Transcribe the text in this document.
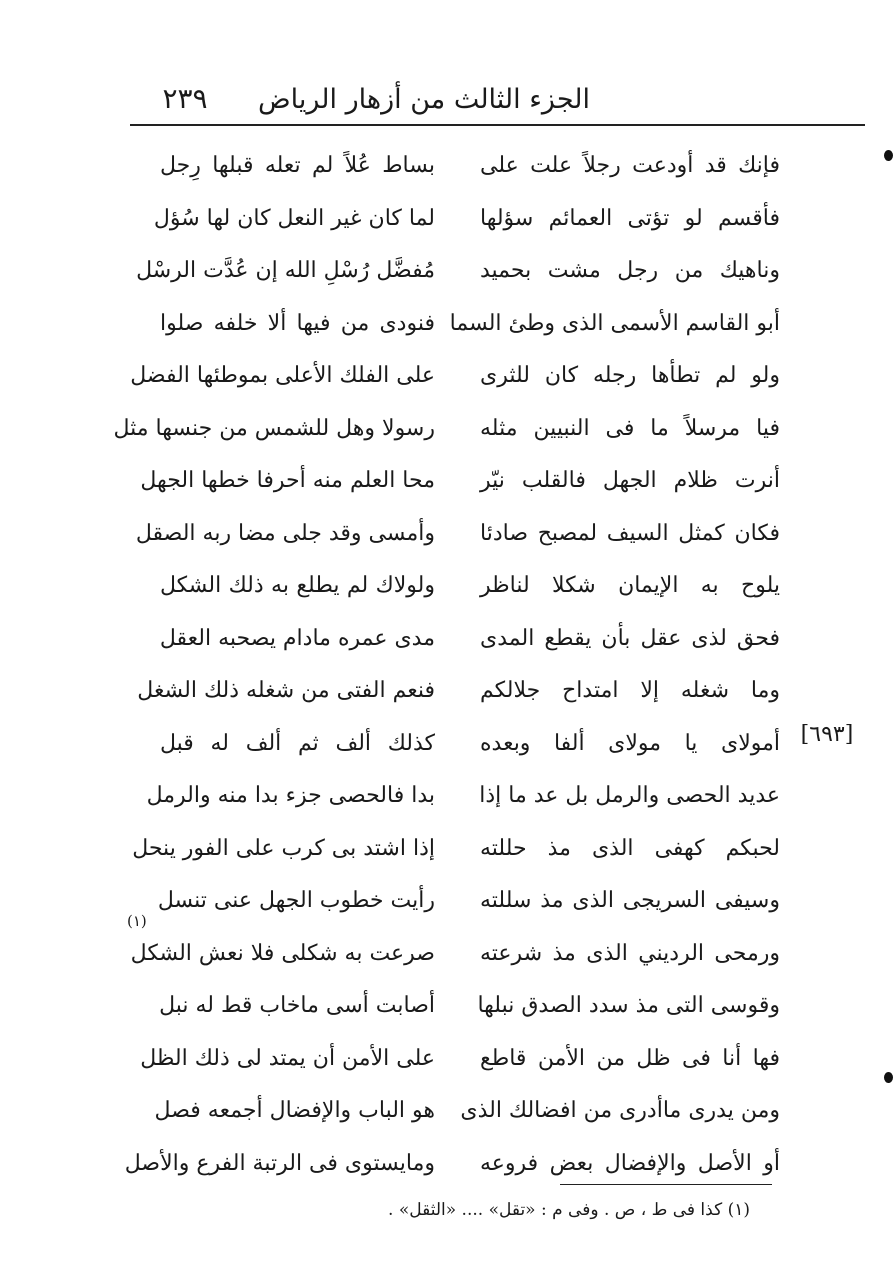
الجزء الثالث من أزهار الرياض
٢٣٩
فإنك قد أودعت رجلاً علت على
بساط عُلاً لم تعله قبلها رِجل
فأقسم لو تؤتى العمائم سؤلها
لما كان غير النعل كان لها سُؤل
وناهيك من رجل مشت بحميد
مُفضَّل رُسْلِ الله إن عُدَّت الرسْل
أبو القاسم الأسمى الذى وطئ السما
فنودى من فيها ألا خلفه صلوا
ولو لم تطأها رجله كان للثرى
على الفلك الأعلى بموطئها الفضل
فيا مرسلاً ما فى النبيين مثله
رسولا وهل للشمس من جنسها مثل
أنرت ظلام الجهل فالقلب نيّر
محا العلم منه أحرفا خطها الجهل
فكان كمثل السيف لمصبح صادئا
وأمسى وقد جلى مضا ربه الصقل
يلوح به الإيمان شكلا لناظر
ولولاك لم يطلع به ذلك الشكل
فحق لذى عقل بأن يقطع المدى
مدى عمره مادام يصحبه العقل
وما شغله إلا امتداح جلالكم
فنعم الفتى من شغله ذلك الشغل
أمولاى يا مولاى ألفا وبعده
كذلك ألف ثم ألف له قبل
عديد الحصى والرمل بل عد ما إذا
بدا فالحصى جزء بدا منه والرمل
لحبكم كهفى الذى مذ حللته
إذا اشتد بى كرب على الفور ينحل
وسيفى السريجى الذى مذ سللته
رأيت خطوب الجهل عنى تنسل
ورمحى الرديني الذى مذ شرعته
صرعت به شكلى فلا نعش الشكل
وقوسى التى مذ سدد الصدق نبلها
أصابت أسى ماخاب قط له نبل
فها أنا فى ظل من الأمن قاطع
على الأمن أن يمتد لى ذلك الظل
ومن يدرى ماأدرى من افضالك الذى
هو الباب والإفضال أجمعه فصل
أو الأصل والإفضال بعض فروعه
ومايستوى فى الرتبة الفرع والأصل
[٦٩٣]
(١)
(١) كذا فى ط ، ص . وفى م : «تقل» .... «الثقل» .
